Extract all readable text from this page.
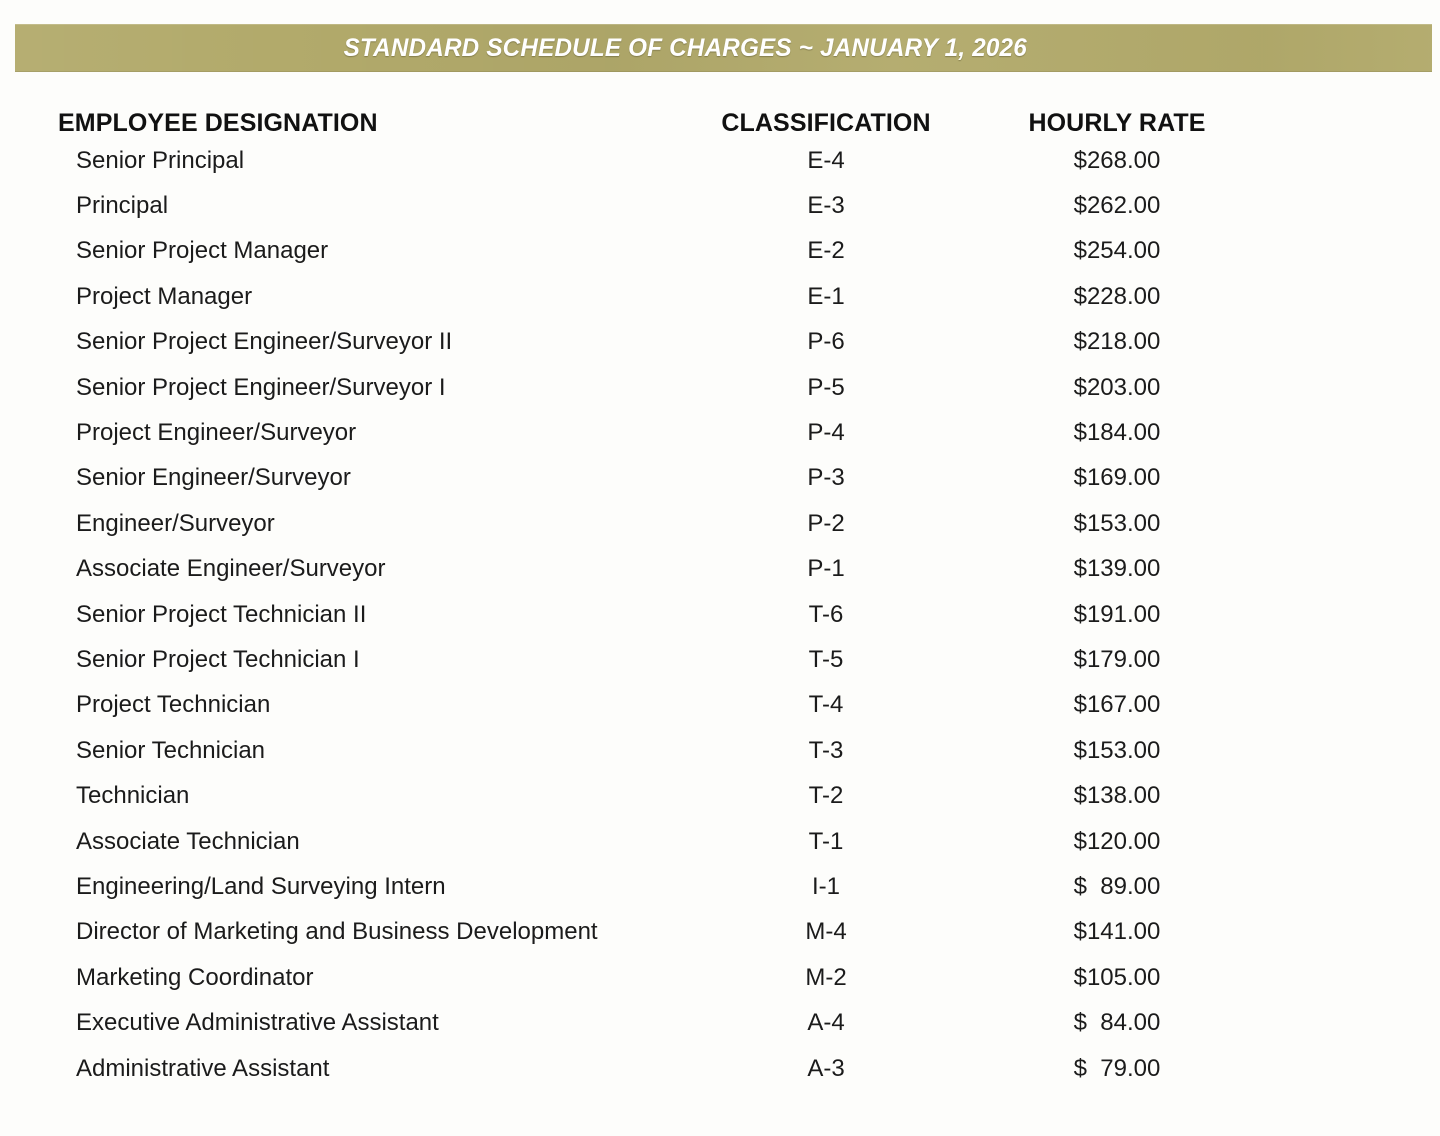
STANDARD SCHEDULE OF CHARGES ~ JANUARY 1, 2026
EMPLOYEE DESIGNATION	CLASSIFICATION	HOURLY RATE
Senior Principal	E-4	$268.00
Principal	E-3	$262.00
Senior Project Manager	E-2	$254.00
Project Manager	E-1	$228.00
Senior Project Engineer/Surveyor II	P-6	$218.00
Senior Project Engineer/Surveyor I	P-5	$203.00
Project Engineer/Surveyor	P-4	$184.00
Senior Engineer/Surveyor	P-3	$169.00
Engineer/Surveyor	P-2	$153.00
Associate Engineer/Surveyor	P-1	$139.00
Senior Project Technician II	T-6	$191.00
Senior Project Technician I	T-5	$179.00
Project Technician	T-4	$167.00
Senior Technician	T-3	$153.00
Technician	T-2	$138.00
Associate Technician	T-1	$120.00
Engineering/Land Surveying Intern	I-1	$  89.00
Director of Marketing and Business Development	M-4	$141.00
Marketing Coordinator	M-2	$105.00
Executive Administrative Assistant	A-4	$  84.00
Administrative Assistant	A-3	$  79.00
